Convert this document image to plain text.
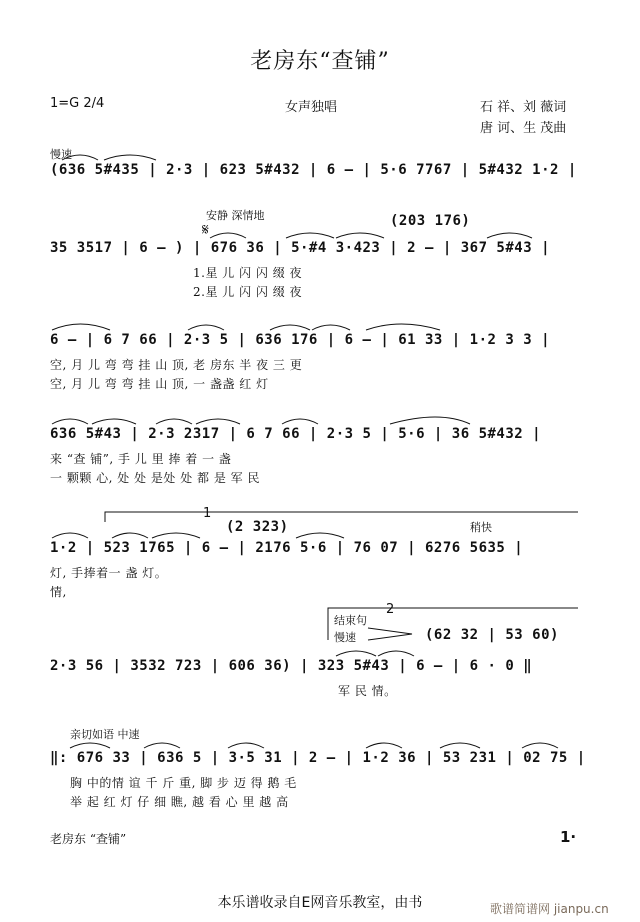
老房东“查铺”
1=G 2/4	女声独唱	石 祥、刘 薇词
唐 诃、生 茂曲
慢速
(636 5#435 | 2·3 | 623 5#432 | 6 – | 5·6 7767 | 5#432 1·2 |
安静 深情地
𝄋	(203 176)
35 3517 | 6 – ) | 676 36 | 5·#4 3·423 | 2 – | 367 5#43 |
1.星 儿 闪 闪 缀 夜
2.星 儿 闪 闪 缀 夜
6 – | 6 7 66 | 2·3 5 | 636 176 | 6 – | 61 33 | 1·2 3 3 |
空, 月 儿 弯 弯 挂 山 顶, 老 房东 半 夜 三 更
空, 月 儿 弯 弯 挂 山 顶, 一 盏盏 红 灯
636 5#43 | 2·3 2317 | 6 7 66 | 2·3 5 | 5·6 | 36 5#432 |
来 “查 铺”, 手 儿 里 捧 着 一 盏
一 颗颗 心, 处 处 是处 处 都 是 军 民
1
(2 323)	稍快
1·2 | 523 1765 | 6 – | 2176 5·6 | 76 07 | 6276 5635 |
灯, 手捧着一 盏 灯。
情,
2
结束句
慢速	(62 32 | 53 60)
2·3 56 | 3532 723 | 606 36) | 323 5#43 | 6 – | 6 · 0 ‖
军 民 情。
亲切如语 中速
‖: 676 33 | 636 5 | 3·5 31 | 2 – | 1·2 36 | 53 231 | 02 75 |
胸 中的情 谊 千 斤 重, 脚 步 迈 得 鹅 毛
举 起 红 灯 仔 细 瞧, 越 看 心 里 越 高
老房东 “查铺”	1·
本乐谱收录自E网音乐教室，由书	歌谱简谱网 jianpu.cn
